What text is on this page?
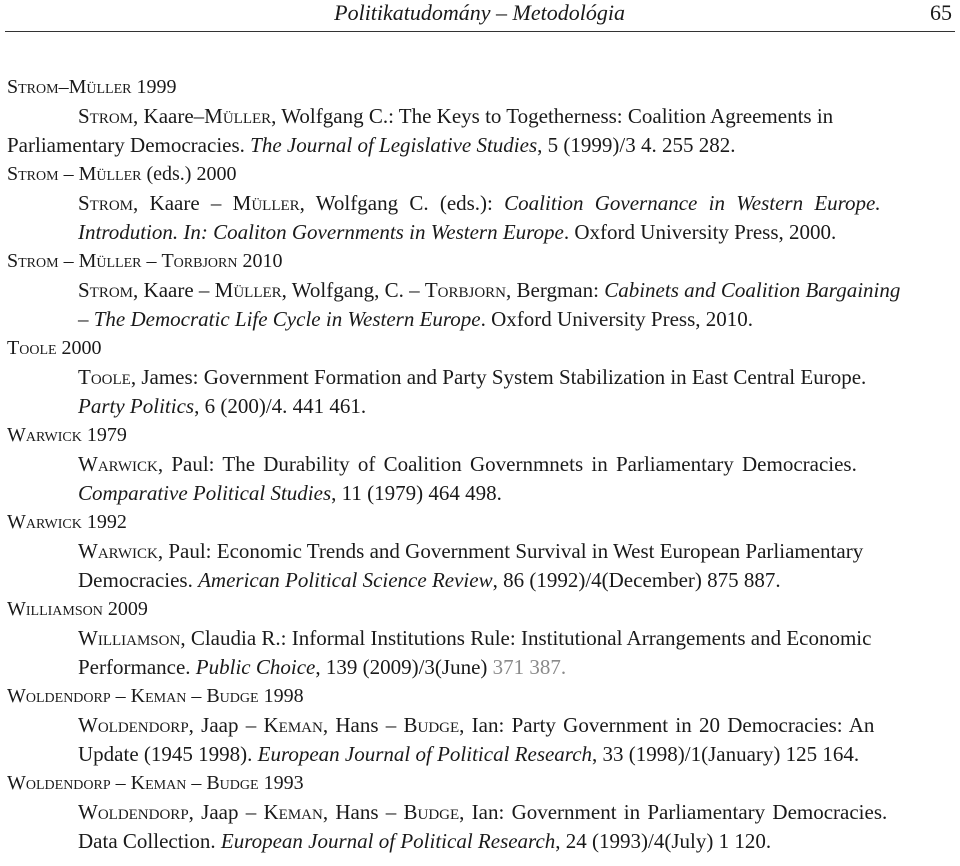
Politikatudomány – Metodológia	65
Strom–Müller 1999
Strom, Kaare–Müller, Wolfgang C.: The Keys to Togetherness: Coalition Agreements in
Parliamentary Democracies. The Journal of Legislative Studies, 5 (1999)/3 4. 255 282.
Strom – Müller (eds.) 2000
Strom, Kaare – Müller, Wolfgang C. (eds.): Coalition Governance in Western Europe.
Introdution. In: Coaliton Governments in Western Europe. Oxford University Press, 2000.
Strom – Müller – Torbjorn 2010
Strom, Kaare – Müller, Wolfgang, C. – Torbjorn, Bergman: Cabinets and Coalition Bargaining
– The Democratic Life Cycle in Western Europe. Oxford University Press, 2010.
Toole 2000
Toole, James: Government Formation and Party System Stabilization in East Central Europe.
Party Politics, 6 (200)/4. 441 461.
Warwick 1979
Warwick, Paul: The Durability of Coalition Governmnets in Parliamentary Democracies.
Comparative Political Studies, 11 (1979) 464 498.
Warwick 1992
Warwick, Paul: Economic Trends and Government Survival in West European Parliamentary
Democracies. American Political Science Review, 86 (1992)/4(December) 875 887.
Williamson 2009
Williamson, Claudia R.: Informal Institutions Rule: Institutional Arrangements and Economic
Performance. Public Choice, 139 (2009)/3(June) 371 387.
Woldendorp – Keman – Budge 1998
Woldendorp, Jaap – Keman, Hans – Budge, Ian: Party Government in 20 Democracies: An
Update (1945 1998). European Journal of Political Research, 33 (1998)/1(January) 125 164.
Woldendorp – Keman – Budge 1993
Woldendorp, Jaap – Keman, Hans – Budge, Ian: Government in Parliamentary Democracies.
Data Collection. European Journal of Political Research, 24 (1993)/4(July) 1 120.
